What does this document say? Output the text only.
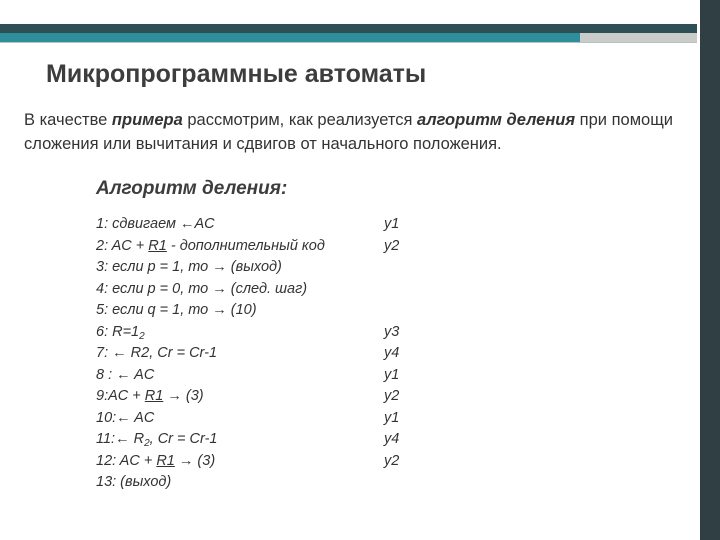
Микропрограммные автоматы
В качестве примера рассмотрим, как реализуется алгоритм деления при помощи сложения или вычитания и сдвигов от начального положения.
Алгоритм деления:
1: сдвигаем ←AC
2: AC + R1 - дополнительный код
3: если p = 1, то → (выход)
4: если p = 0, то → (след. шаг)
5: если q = 1, то → (10)
6: $R=1_2$
7: ← R2, Cr = Cr-1
8 : ← AC
9:AC + R1 → (3)
10:← AC
11:← $R_2$, Cr = Cr-1
12: AC + R1 → (3)
13: (выход)
y1
y2
y3
y4
y1
y2
y1
y4
y2
